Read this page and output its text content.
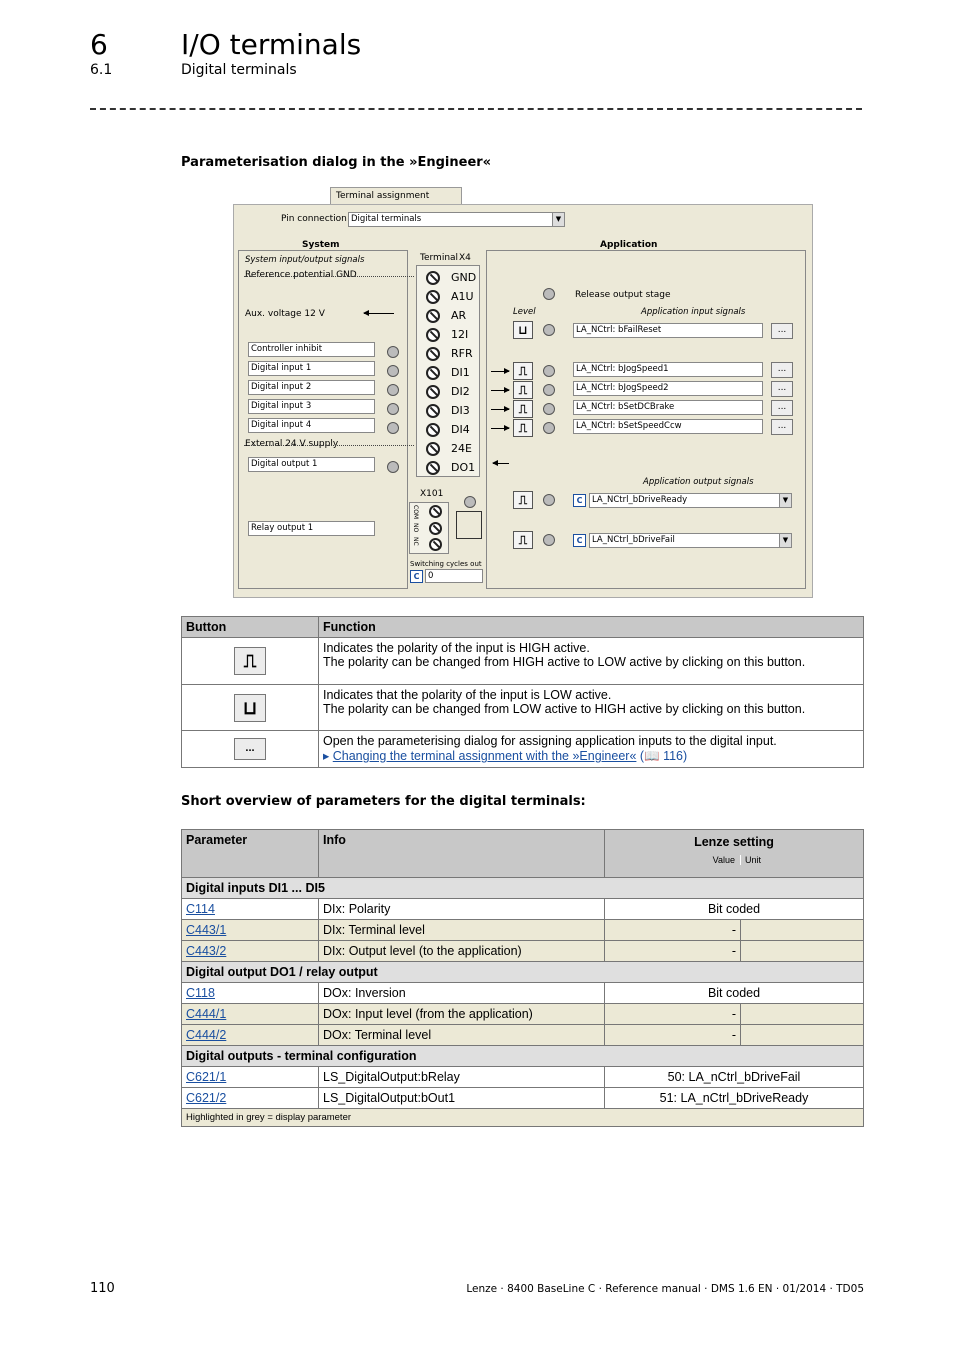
6	I/O terminals
6.1	Digital terminals
Parameterisation dialog in the »Engineer«
Terminal assignment
Pin connection Digital terminals	▼
System	Application
System input/output signals
Reference potential GND
Aux. voltage 12 V
External 24 V supply
Controller inhibit
Digital input 1
Digital input 2
Digital input 3
Digital input 4
Digital output 1
Relay output 1
Terminal X4
GND
A1U
AR
12I
RFR
DI1
DI2
DI3
DI4
24E
DO1
X101
COM
NC
NO
Switching cycles out
C	0
Release output stage
Level	Application input signals
⊔	LA_NCtrl: bFailReset	...
⎍	LA_NCtrl: bJogSpeed1	...
⎍	LA_NCtrl: bJogSpeed2	...
⎍	LA_NCtrl: bSetDCBrake	...
⎍	LA_NCtrl: bSetSpeedCcw	...
Application output signals
⎍	C	LA_NCtrl_bDriveReady	▼
⎍	C	LA_NCtrl_bDriveFail	▼
Button	Function
⎍	Indicates the polarity of the input is HIGH active.
The polarity can be changed from HIGH active to LOW active by clicking on this button.

⊔	Indicates that the polarity of the input is LOW active.
The polarity can be changed from LOW active to HIGH active by clicking on this button.

...	Open the parameterising dialog for assigning application inputs to the digital input.
▸ Changing the terminal assignment with the »Engineer« (📖 116)
Short overview of parameters for the digital terminals:
Parameter	Info	Lenze setting
Value Unit	

Digital inputs DI1 ... DI5			
C114	DIx: Polarity	Bit coded	
C443/1	DIx: Terminal level	-	
C443/2	DIx: Output level (to the application)	-	
Digital output DO1 / relay output			
C118	DOx: Inversion	Bit coded	
C444/1	DOx: Input level (from the application)	-	
C444/2	DOx: Terminal level	-	
Digital outputs - terminal configuration			
C621/1	LS_DigitalOutput:bRelay	50: LA_nCtrl_bDriveFail	
C621/2	LS_DigitalOutput:bOut1	51: LA_nCtrl_bDriveReady	
Highlighted in grey = display parameter			
110	Lenze · 8400 BaseLine C · Reference manual · DMS 1.6 EN · 01/2014 · TD05
